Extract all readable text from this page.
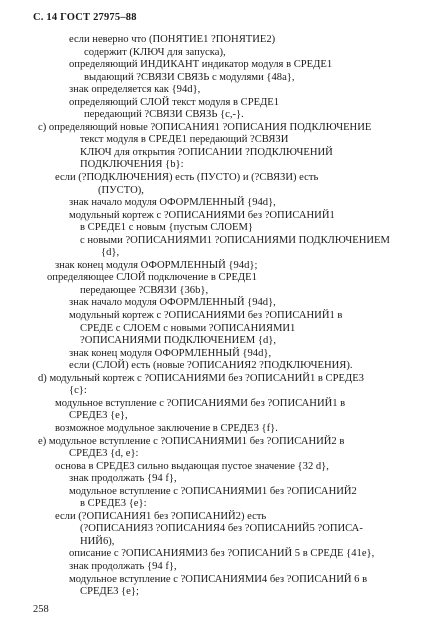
С. 14 ГОСТ 27975–88
если неверно что (ПОНЯТИЕ1 ?ПОНЯТИЕ2)
содержит (КЛЮЧ для запуска),
определяющий ИНДИКАНТ индикатор модуля в СРЕДЕ1
выдающий ?СВЯЗИ СВЯЗЬ с модулями {48a},
знак определяется как {94d},
определяющий СЛОЙ текст модуля в СРЕДЕ1
передающий ?СВЯЗИ СВЯЗЬ {с,-}.
c) определяющий новые ?ОПИСАНИЯ1 ?ОПИСАНИЯ ПОДКЛЮЧЕНИЕ
текст модуля в СРЕДЕ1 передающий ?СВЯЗИ
КЛЮЧ для открытия ?ОПИСАНИИ ?ПОДКЛЮЧЕНИЙ
ПОДКЛЮЧЕНИЯ {b}:
если (?ПОДКЛЮЧЕНИЯ) есть (ПУСТО) и (?СВЯЗИ) есть
(ПУСТО),
знак начало модуля ОФОРМЛЕННЫЙ {94d},
модульный кортеж с ?ОПИСАНИЯМИ без ?ОПИСАНИЙ1
в СРЕДЕ1 с новым {пустым СЛОЕМ}
с новыми ?ОПИСАНИЯМИ1 ?ОПИСАНИЯМИ ПОДКЛЮЧЕНИЕМ
{d},
знак конец модуля ОФОРМЛЕННЫЙ {94d};
определяющее СЛОЙ подключение в СРЕДЕ1
передающее ?СВЯЗИ {36b},
знак начало модуля ОФОРМЛЕННЫЙ {94d},
модульный кортеж с ?ОПИСАНИЯМИ без ?ОПИСАНИЙ1 в
СРЕДЕ с СЛОЕМ с новыми ?ОПИСАНИЯМИ1
?ОПИСАНИЯМИ ПОДКЛЮЧЕНИЕМ {d},
знак конец модуля ОФОРМЛЕННЫЙ {94d},
если (СЛОЙ) есть (новые ?ОПИСАНИЯ2 ?ПОДКЛЮЧЕНИЯ).
d) модульный кортеж с ?ОПИСАНИЯМИ без ?ОПИСАНИЙ1 в СРЕДЕ3
{c}:
модульное вступление с ?ОПИСАНИЯМИ без ?ОПИСАНИЙ1 в
СРЕДЕ3 {e},
возможное модульное заключение в СРЕДЕ3 {f}.
e) модульное вступление с ?ОПИСАНИЯМИ1 без ?ОПИСАНИЙ2 в
СРЕДЕ3 {d, e}:
основа в СРЕДЕ3 сильно выдающая пустое значение {32 d},
знак продолжать {94 f},
модульное вступление с ?ОПИСАНИЯМИ1 без ?ОПИСАНИЙ2
в СРЕДЕ3 {e}:
если (?ОПИСАНИЯ1 без ?ОПИСАНИЙ2) есть
(?ОПИСАНИЯ3 ?ОПИСАНИЯ4 без ?ОПИСАНИЙ5 ?ОПИСА-
НИЙ6),
описание с ?ОПИСАНИЯМИ3 без ?ОПИСАНИЙ 5 в СРЕДЕ {41e},
знак продолжать {94 f},
модульное вступление с ?ОПИСАНИЯМИ4 без ?ОПИСАНИЙ 6 в
СРЕДЕ3 {e};
258
